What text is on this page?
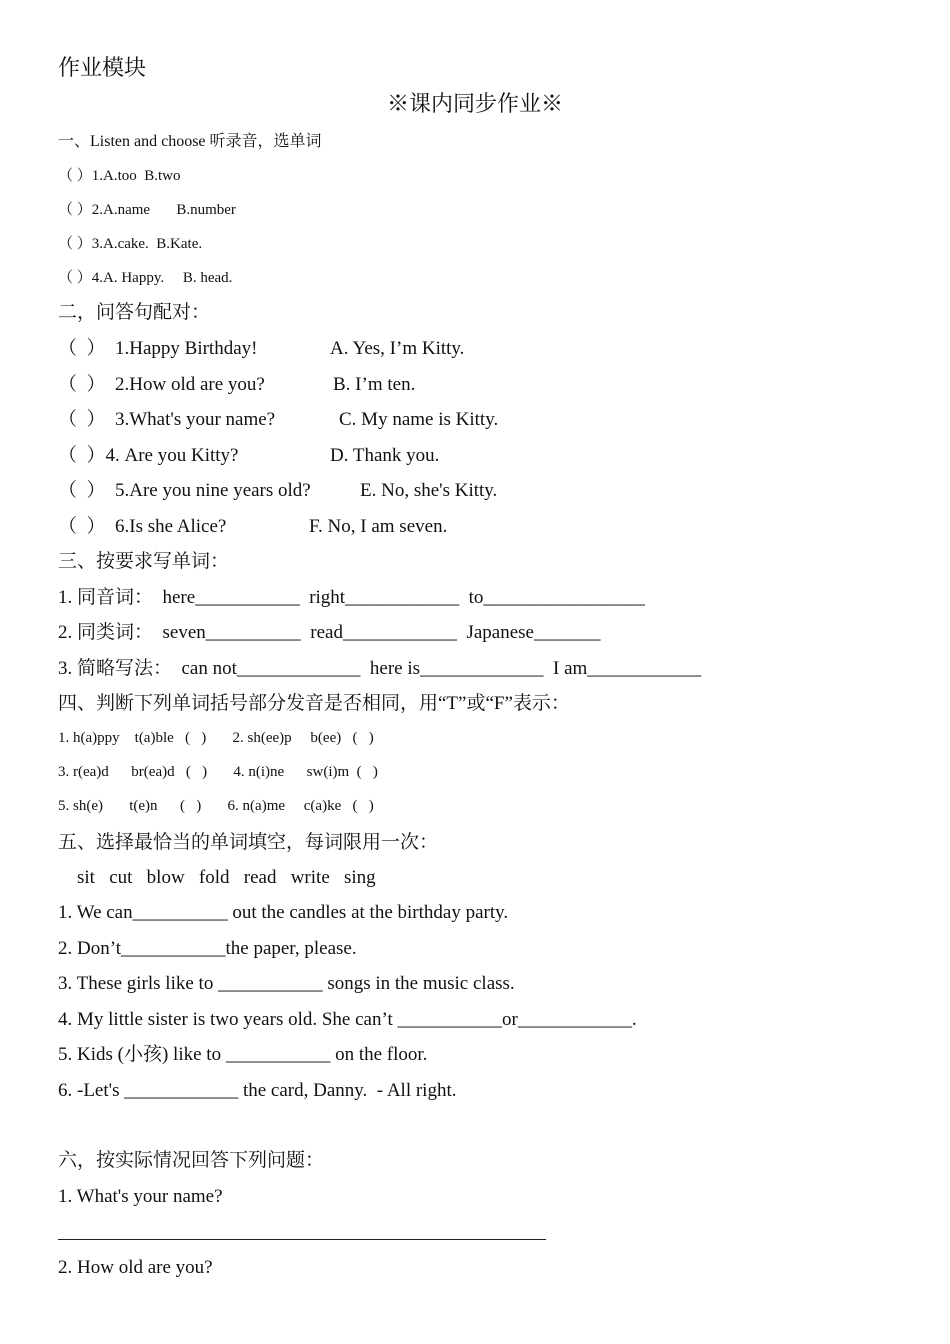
作业模块
※课内同步作业※
一、Listen and choose 听录音，选单词
（ ）1.A.too  B.two
（ ）2.A.name       B.number
（ ）3.A.cake.  B.Kate.
（ ）4.A. Happy.     B. head.
二，问答句配对：
（  ）  1.Happy Birthday!	A. Yes, I’m Kitty.
（  ）  2.How old are you?	B. I’m ten.
（  ）  3.What's your name?	C. My name is Kitty.
（  ）4. Are you Kitty?	D. Thank you.
（  ）  5.Are you nine years old?	E. No, she's Kitty.
（  ）  6.Is she Alice?	F. No, I am seven.
三、按要求写单词：
1. 同音词：  here___________  right____________  to_________________
2. 同类词：  seven__________  read____________  Japanese_______
3. 简略写法：  can not_____________  here is_____________  I am____________
四、判断下列单词括号部分发音是否相同，用“T”或“F”表示：
1. h(a)ppy    t(a)ble   (   )       2. sh(ee)p     b(ee)   (   )
3. r(ea)d      br(ea)d   (   )       4. n(i)ne      sw(i)m  (   )
5. sh(e)       t(e)n      (   )       6. n(a)me     c(a)ke   (   )
五、选择最恰当的单词填空，每词限用一次：
sit   cut   blow   fold   read   write   sing
1. We can__________ out the candles at the birthday party.
2. Don’t___________the paper, please.
3. These girls like to ___________ songs in the music class.
4. My little sister is two years old. She can’t ___________or____________.
5. Kids (小孩) like to ___________ on the floor.
6. -Let's ____________ the card, Danny.  - All right.
六，按实际情况回答下列问题：
1. What's your name?
2. How old are you?
